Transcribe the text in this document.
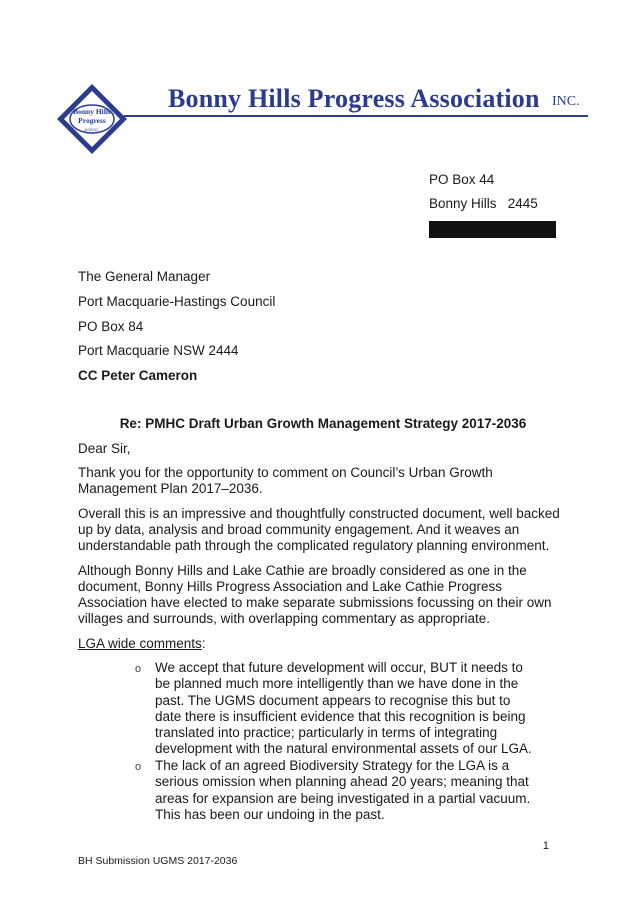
Bonny Hills
Progress
ASSOC.
Bonny Hills Progress Association INC.
PO Box 44
Bonny Hills   2445
The General Manager
Port Macquarie-Hastings Council
PO Box 84
Port Macquarie NSW 2444
CC Peter Cameron
Re: PMHC Draft Urban Growth Management Strategy 2017-2036
Dear Sir,
Thank you for the opportunity to comment on Council’s Urban Growth Management Plan 2017–2036.
Overall this is an impressive and thoughtfully constructed document, well backed up by data, analysis and broad community engagement. And it weaves an understandable path through the complicated regulatory planning environment.
Although Bonny Hills and Lake Cathie are broadly considered as one in the document, Bonny Hills Progress Association and Lake Cathie Progress Association have elected to make separate submissions focussing on their own villages and surrounds, with overlapping commentary as appropriate.
LGA wide comments:
o We accept that future development will occur, BUT it needs to be planned much more intelligently than we have done in the past. The UGMS document appears to recognise this but to date there is insufficient evidence that this recognition is being translated into practice; particularly in terms of integrating development with the natural environmental assets of our LGA.
o The lack of an agreed Biodiversity Strategy for the LGA is a serious omission when planning ahead 20 years; meaning that areas for expansion are being investigated in a partial vacuum. This has been our undoing in the past.
1
BH Submission UGMS 2017-2036
